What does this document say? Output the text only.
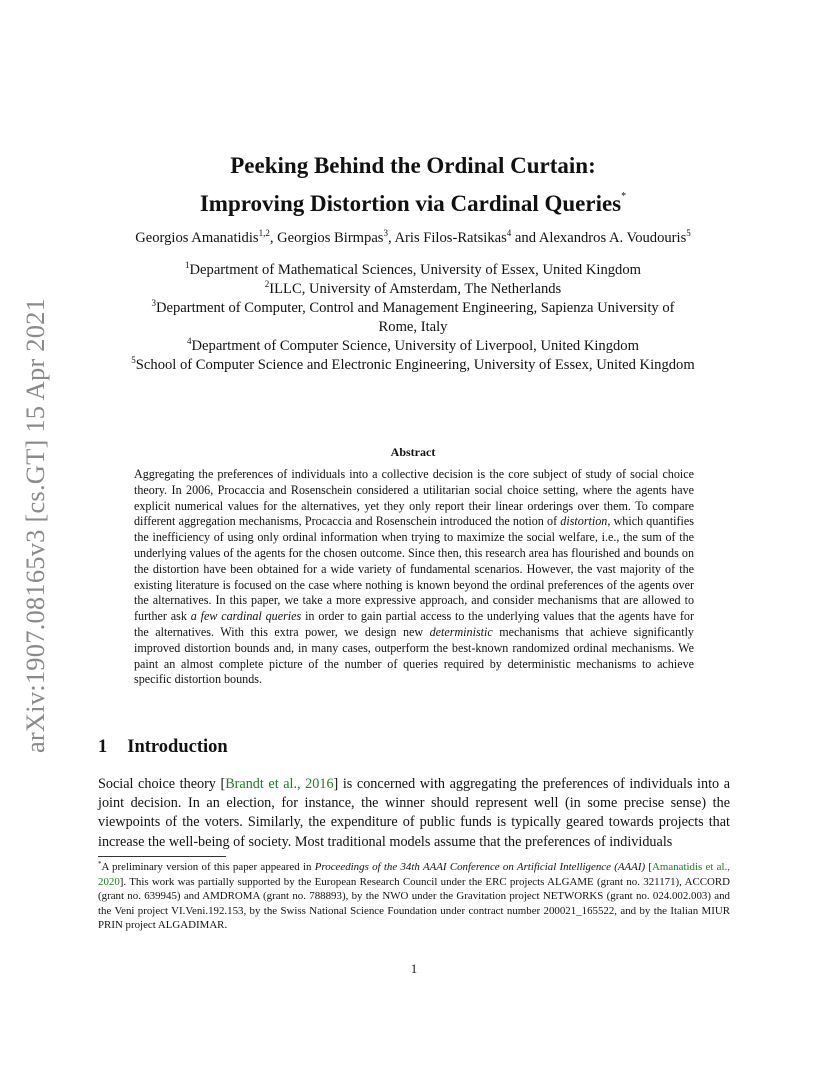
arXiv:1907.08165v3 [cs.GT] 15 Apr 2021
Peeking Behind the Ordinal Curtain:
Improving Distortion via Cardinal Queries*
Georgios Amanatidis$^{1,2}$, Georgios Birmpas$^3$, Aris Filos-Ratsikas$^4$ and Alexandros A. Voudouris$^5$
$^1$Department of Mathematical Sciences, University of Essex, United Kingdom
$^2$ILLC, University of Amsterdam, The Netherlands
$^3$Department of Computer, Control and Management Engineering, Sapienza University of
Rome, Italy
$^4$Department of Computer Science, University of Liverpool, United Kingdom
$^5$School of Computer Science and Electronic Engineering, University of Essex, United Kingdom
Abstract

Aggregating the preferences of individuals into a collective decision is the core subject of study of social choice theory. In 2006, Procaccia and Rosenschein considered a utilitarian social choice setting, where the agents have explicit numerical values for the alternatives, yet they only report their linear orderings over them. To compare different aggregation mechanisms, Procaccia and Rosenschein introduced the notion of distortion, which quantifies the inefficiency of using only ordinal information when trying to maximize the social welfare, i.e., the sum of the underlying values of the agents for the chosen outcome. Since then, this research area has flourished and bounds on the distortion have been obtained for a wide variety of fundamental scenarios. However, the vast majority of the existing literature is focused on the case where nothing is known beyond the ordinal preferences of the agents over the alternatives. In this paper, we take a more expressive approach, and consider mechanisms that are allowed to further ask a few cardinal queries in order to gain partial access to the underlying values that the agents have for the alternatives. With this extra power, we design new deterministic mechanisms that achieve significantly improved distortion bounds and, in many cases, outperform the best-known randomized ordinal mechanisms. We paint an almost complete picture of the number of queries required by deterministic mechanisms to achieve specific distortion bounds.

1 Introduction

Social choice theory [Brandt et al., 2016] is concerned with aggregating the preferences of individuals into a joint decision. In an election, for instance, the winner should represent well (in some precise sense) the viewpoints of the voters. Similarly, the expenditure of public funds is typically geared towards projects that increase the well-being of society. Most traditional models assume that the preferences of individuals

*A preliminary version of this paper appeared in Proceedings of the 34th AAAI Conference on Artificial Intelligence (AAAI) [Amanatidis et al., 2020]. This work was partially supported by the European Research Council under the ERC projects ALGAME (grant no. 321171), ACCORD (grant no. 639945) and AMDROMA (grant no. 788893), by the NWO under the Gravitation project NETWORKS (grant no. 024.002.003) and the Veni project VI.Veni.192.153, by the Swiss National Science Foundation under contract number 200021_165522, and by the Italian MIUR PRIN project ALGADIMAR.

1
